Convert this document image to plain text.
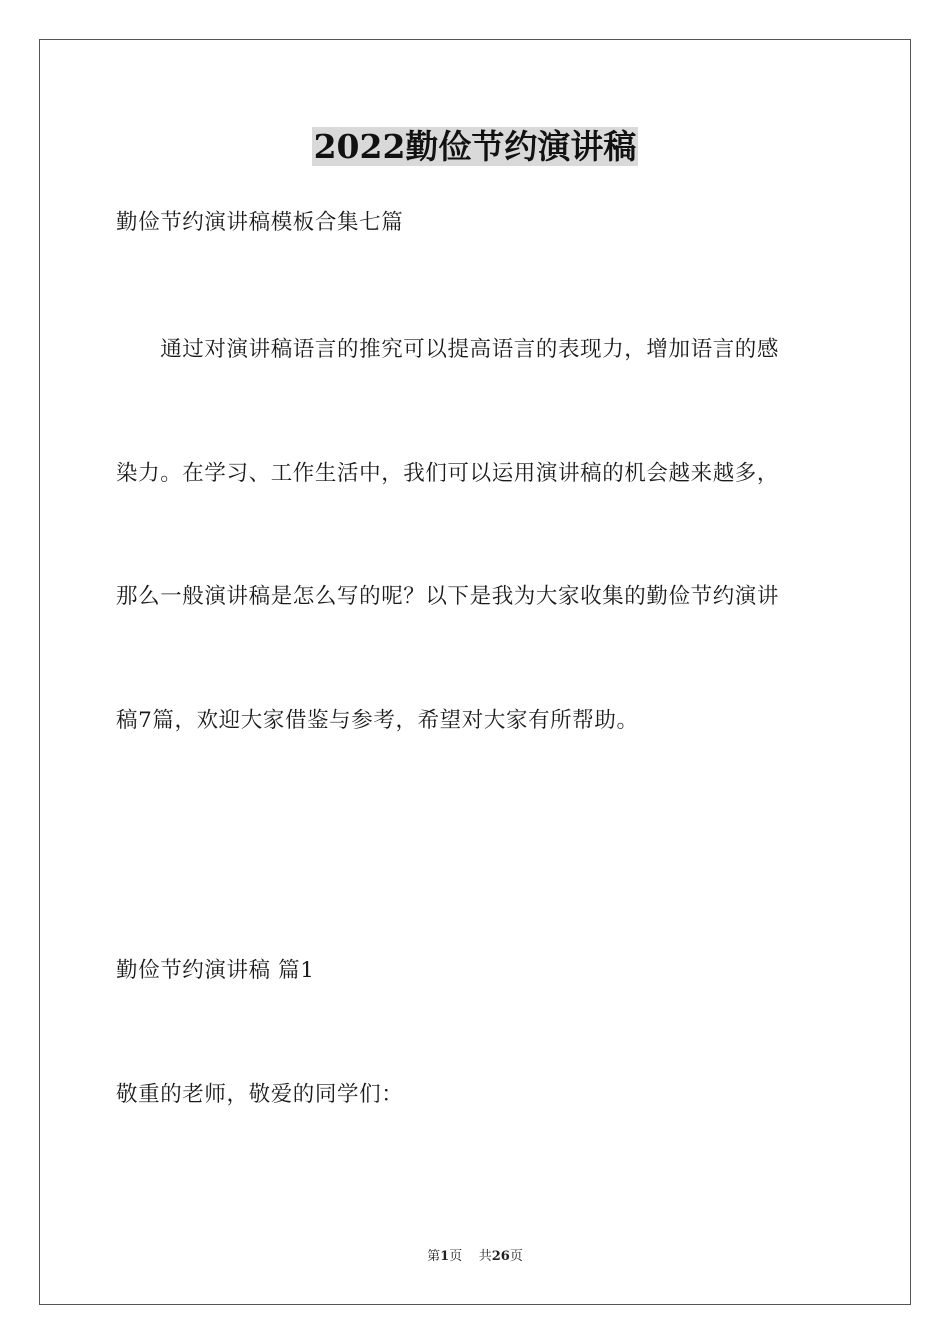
2022勤俭节约演讲稿
勤俭节约演讲稿模板合集七篇
　　通过对演讲稿语言的推究可以提高语言的表现力，增加语言的感
染力。在学习、工作生活中，我们可以运用演讲稿的机会越来越多，
那么一般演讲稿是怎么写的呢？以下是我为大家收集的勤俭节约演讲
稿7篇，欢迎大家借鉴与参考，希望对大家有所帮助。
勤俭节约演讲稿 篇1
敬重的老师，敬爱的同学们：
第1页 共26页
